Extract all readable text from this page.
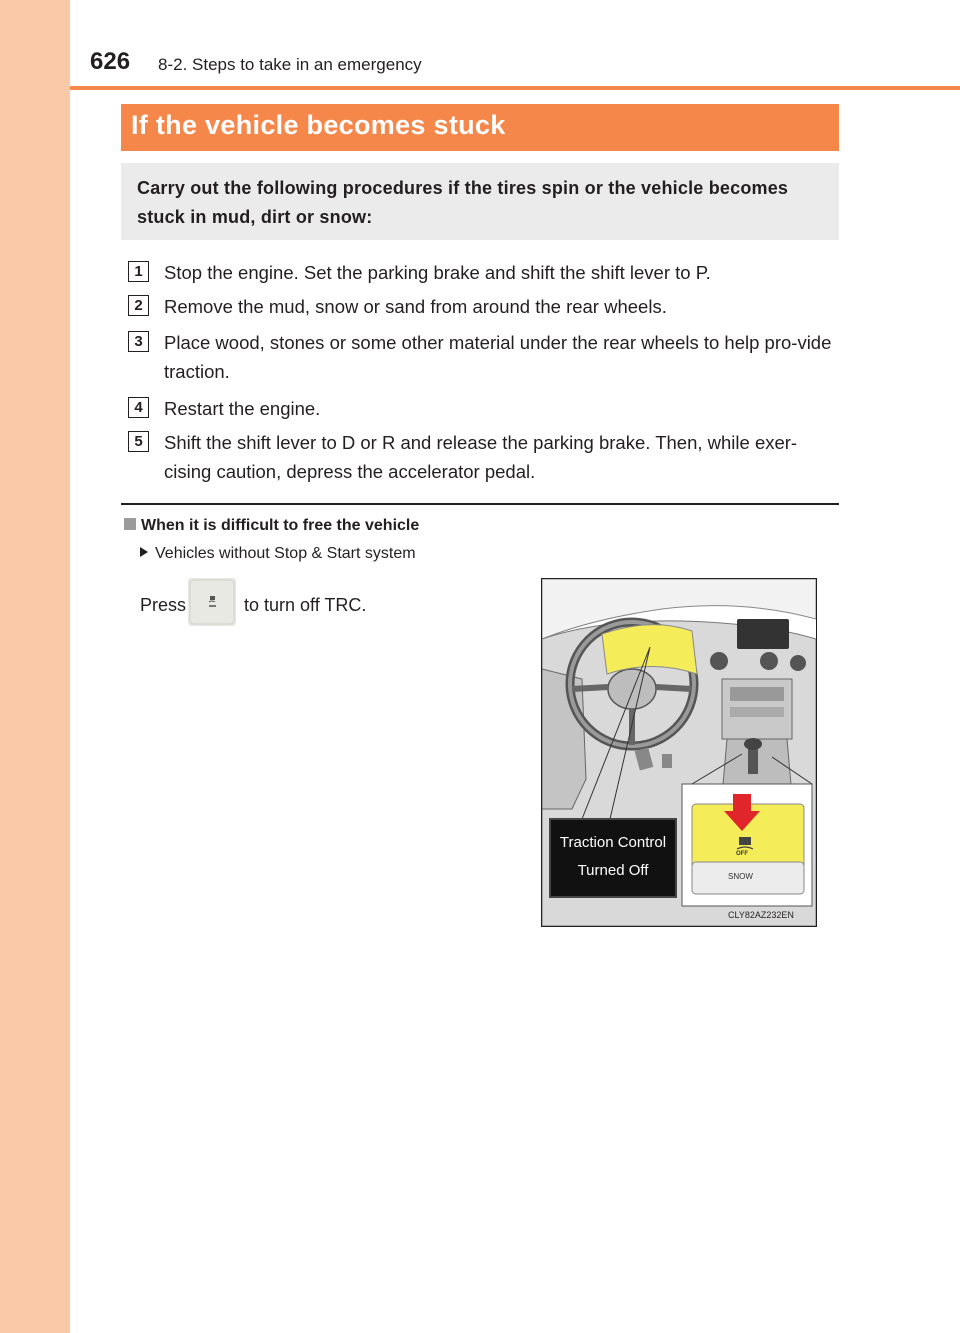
626 8-2. Steps to take in an emergency
If the vehicle becomes stuck
Carry out the following procedures if the tires spin or the vehicle becomes stuck in mud, dirt or snow:
1	Stop the engine. Set the parking brake and shift the shift lever to P.
2	Remove the mud, snow or sand from around the rear wheels.
3	Place wood, stones or some other material under the rear wheels to help pro-vide traction.
4	Restart the engine.
5	Shift the shift lever to D or R and release the parking brake. Then, while exer-cising caution, depress the accelerator pedal.
When it is difficult to free the vehicle
Vehicles without Stop & Start system
Press	to turn off TRC.
Traction Control
Turned Off
OFF
SNOW
CLY82AZ232EN
